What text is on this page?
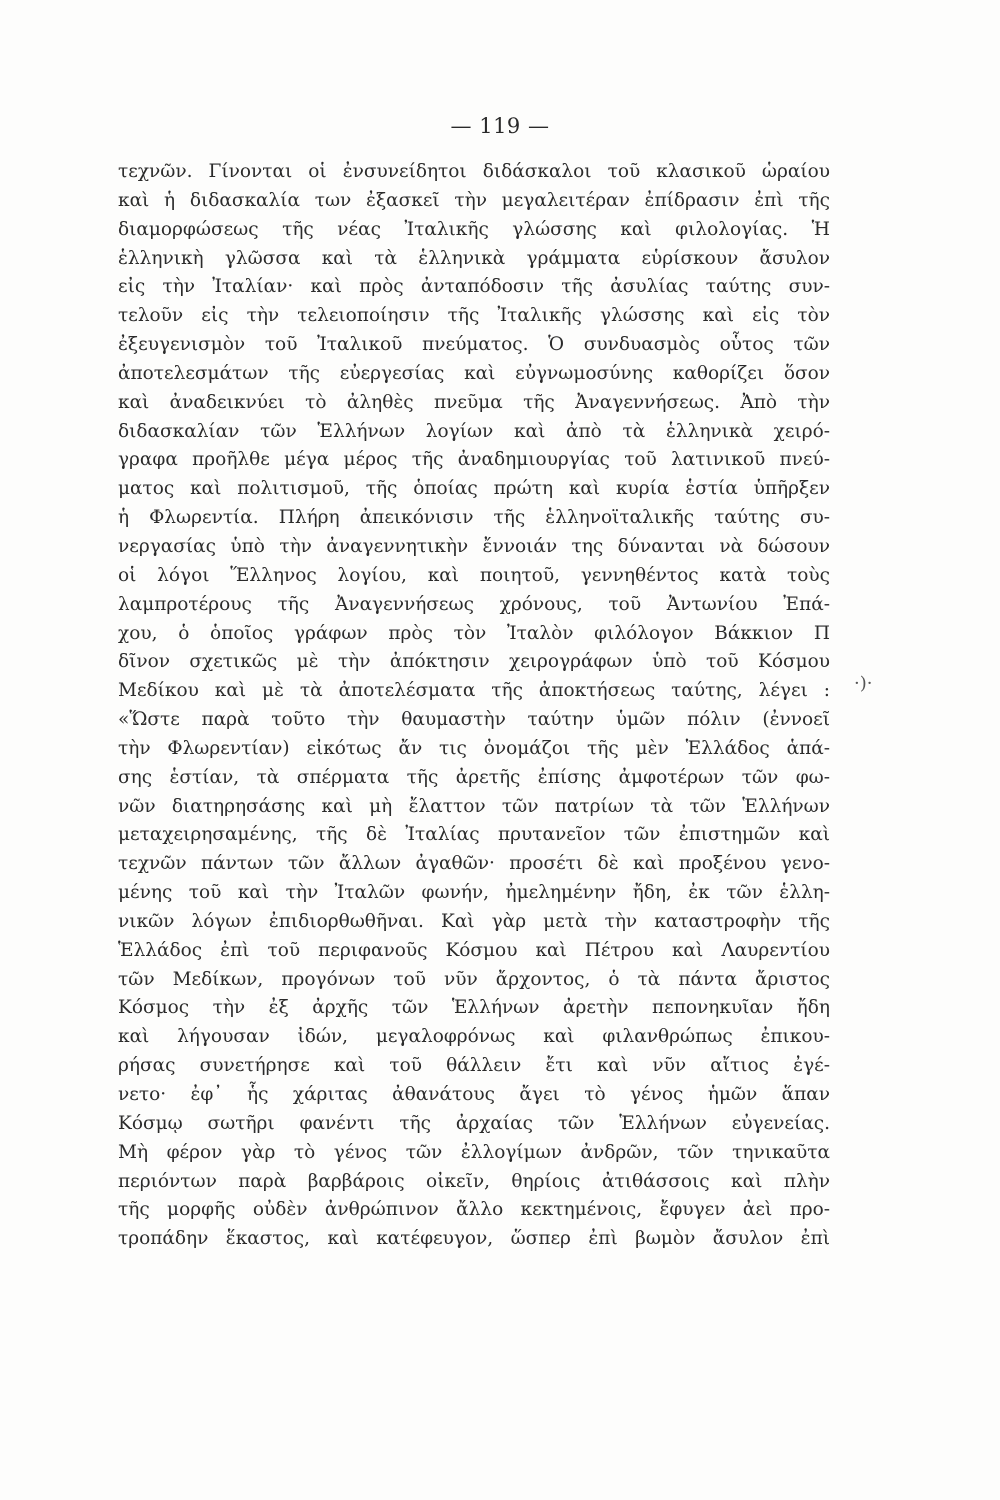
— 119 —
τεχνῶν. Γίνονται οἱ ἐνσυνείδητοι διδάσκαλοι τοῦ κλασικοῦ ὡραίου
καὶ ἡ διδασκαλία των ἐξασκεῖ τὴν μεγαλειτέραν ἐπίδρασιν ἐπὶ τῆς
διαμορφώσεως τῆς νέας Ἰταλικῆς γλώσσης καὶ φιλολογίας. Ἡ
ἑλληνικὴ γλῶσσα καὶ τὰ ἑλληνικὰ γράμματα εὑρίσκουν ἄσυλον
εἰς τὴν Ἰταλίαν· καὶ πρὸς ἀνταπόδοσιν τῆς ἀσυλίας ταύτης συν-
τελοῦν εἰς τὴν τελειοποίησιν τῆς Ἰταλικῆς γλώσσης καὶ εἰς τὸν
ἐξευγενισμὸν τοῦ Ἰταλικοῦ πνεύματος. Ὁ συνδυασμὸς οὗτος τῶν
ἀποτελεσμάτων τῆς εὐεργεσίας καὶ εὐγνωμοσύνης καθορίζει ὅσον
καὶ ἀναδεικνύει τὸ ἀληθὲς πνεῦμα τῆς Ἀναγεννήσεως. Ἀπὸ τὴν
διδασκαλίαν τῶν Ἑλλήνων λογίων καὶ ἀπὸ τὰ ἑλληνικὰ χειρό-
γραφα προῆλθε μέγα μέρος τῆς ἀναδημιουργίας τοῦ λατινικοῦ πνεύ-
ματος καὶ πολιτισμοῦ, τῆς ὁποίας πρώτη καὶ κυρία ἑστία ὑπῆρξεν
ἡ Φλωρεντία. Πλήρη ἀπεικόνισιν τῆς ἑλληνοϊταλικῆς ταύτης συ-
νεργασίας ὑπὸ τὴν ἀναγεννητικὴν ἔννοιάν της δύνανται νὰ δώσουν
οἱ λόγοι Ἕλληνος λογίου, καὶ ποιητοῦ, γεννηθέντος κατὰ τοὺς
λαμπροτέρους τῆς Ἀναγεννήσεως χρόνους, τοῦ Ἀντωνίου Ἐπά-
χου, ὁ ὁποῖος γράφων πρὸς τὸν Ἰταλὸν φιλόλογον Βάκκιον Π
δῖνον σχετικῶς μὲ τὴν ἀπόκτησιν χειρογράφων ὑπὸ τοῦ Κόσμου
Μεδίκου καὶ μὲ τὰ ἀποτελέσματα τῆς ἀποκτήσεως ταύτης, λέγει :
«Ὥστε παρὰ τοῦτο τὴν θαυμαστὴν ταύτην ὑμῶν πόλιν (ἐννοεῖ
τὴν Φλωρεντίαν) εἰκότως ἄν τις ὀνομάζοι τῆς μὲν Ἑλλάδος ἁπά-
σης ἑστίαν, τὰ σπέρματα τῆς ἀρετῆς ἐπίσης ἀμφοτέρων τῶν φω-
νῶν διατηρησάσης καὶ μὴ ἔλαττον τῶν πατρίων τὰ τῶν Ἑλλήνων
μεταχειρησαμένης, τῆς δὲ Ἰταλίας πρυτανεῖον τῶν ἐπιστημῶν καὶ
τεχνῶν πάντων τῶν ἄλλων ἀγαθῶν· προσέτι δὲ καὶ προξένου γενο-
μένης τοῦ καὶ τὴν Ἰταλῶν φωνήν, ἠμελημένην ἤδη, ἐκ τῶν ἑλλη-
νικῶν λόγων ἐπιδιορθωθῆναι. Καὶ γὰρ μετὰ τὴν καταστροφὴν τῆς
Ἑλλάδος ἐπὶ τοῦ περιφανοῦς Κόσμου καὶ Πέτρου καὶ Λαυρεντίου
τῶν Μεδίκων, προγόνων τοῦ νῦν ἄρχοντος, ὁ τὰ πάντα ἄριστος
Κόσμος τὴν ἐξ ἀρχῆς τῶν Ἑλλήνων ἀρετὴν πεπονηκυῖαν ἤδη
καὶ λήγουσαν ἰδών, μεγαλοφρόνως καὶ φιλανθρώπως ἐπικου-
ρήσας συνετήρησε καὶ τοῦ θάλλειν ἔτι καὶ νῦν αἴτιος ἐγέ-
νετο· ἐφ᾽ ἧς χάριτας ἀθανάτους ἄγει τὸ γένος ἡμῶν ἅπαν
Κόσμῳ σωτῆρι φανέντι τῆς ἀρχαίας τῶν Ἑλλήνων εὐγενείας.
Μὴ φέρον γὰρ τὸ γένος τῶν ἐλλογίμων ἀνδρῶν, τῶν τηνικαῦτα
περιόντων παρὰ βαρβάροις οἰκεῖν, θηρίοις ἀτιθάσσοις καὶ πλὴν
τῆς μορφῆς οὐδὲν ἀνθρώπινον ἄλλο κεκτημένοις, ἔφυγεν ἀεὶ προ-
τροπάδην ἕκαστος, καὶ κατέφευγον, ὥσπερ ἐπὶ βωμὸν ἄσυλον ἐπὶ
·)·
